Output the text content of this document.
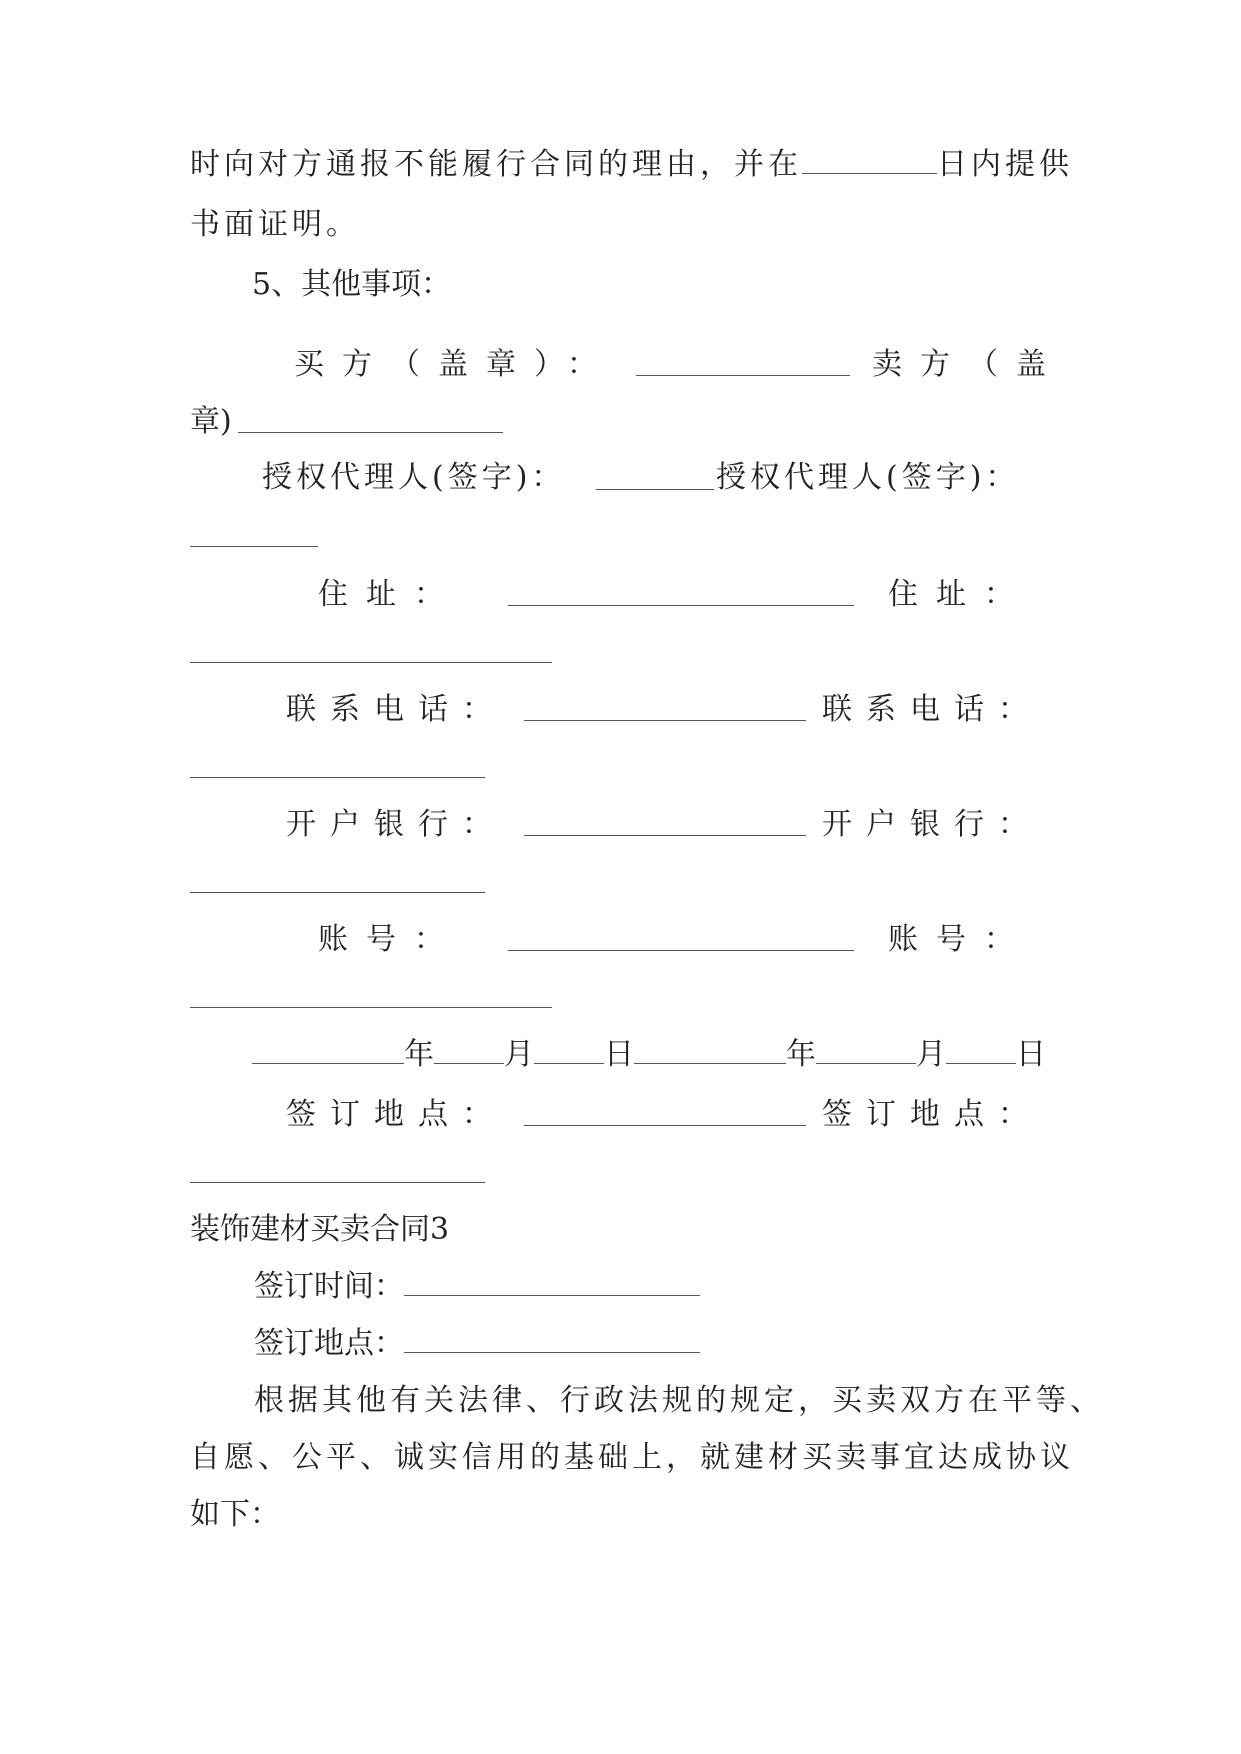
时向对方通报不能履行合同的理由，并在	日内提供
书面证明。
5、其他事项：
买方（盖章）：	卖方（盖
章)
授权代理人(签字)：	授权代理人(签字)：
住址：	住址：
联系电话：	联系电话：
开户银行：	开户银行：
账号：	账号：
年 月 日	年	月 日
签订地点：	签订地点：
装饰建材买卖合同3
签订时间：
签订地点：
根据其他有关法律、行政法规的规定，买卖双方在平等、
自愿、公平、诚实信用的基础上，就建材买卖事宜达成协议
如下：
